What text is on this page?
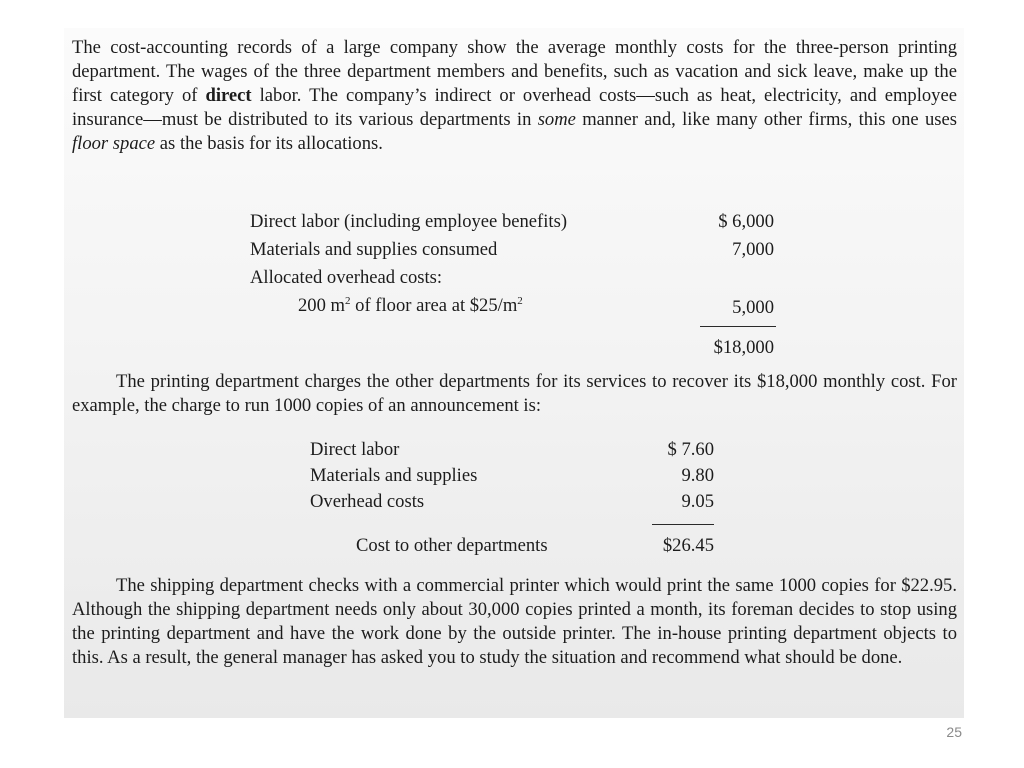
The cost-accounting records of a large company show the average monthly costs for the three-person printing department. The wages of the three department members and benefits, such as vacation and sick leave, make up the first category of direct labor. The company’s indirect or overhead costs—such as heat, electricity, and employee insurance—must be distributed to its various departments in some manner and, like many other firms, this one uses floor space as the basis for its allocations.

Direct labor (including employee benefits)	$ 6,000
Materials and supplies consumed	7,000
Allocated overhead costs:
200 $m^2$ of floor area at $\$25/m^2$	5,000
$18,000

The printing department charges the other departments for its services to recover its $18,000 monthly cost. For example, the charge to run 1000 copies of an announcement is:

Direct labor	$ 7.60
Materials and supplies	9.80
Overhead costs	9.05
Cost to other departments	$26.45

The shipping department checks with a commercial printer which would print the same 1000 copies for $22.95. Although the shipping department needs only about 30,000 copies printed a month, its foreman decides to stop using the printing department and have the work done by the outside printer. The in-house printing department objects to this. As a result, the general manager has asked you to study the situation and recommend what should be done.

25
